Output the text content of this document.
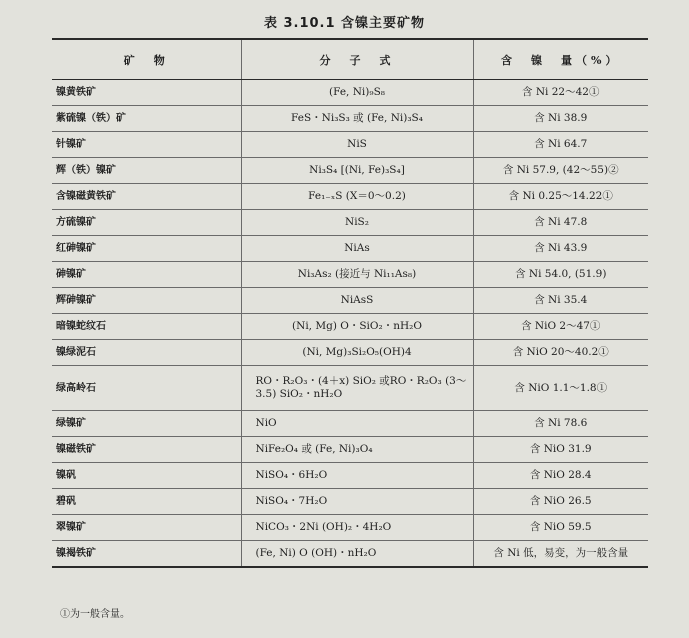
表 3.10.1 含镍主要矿物
矿　物	分　子　式	含　镍　量（%）
镍黄铁矿	(Fe, Ni)₉S₈	含 Ni 22～42①
紫硫镍（铁）矿	FeS・Ni₃S₃ 或 (Fe, Ni)₃S₄	含 Ni 38.9
针镍矿	NiS	含 Ni 64.7
辉（铁）镍矿	Ni₃S₄ [(Ni, Fe)₃S₄]	含 Ni 57.9, (42～55)②
含镍磁黄铁矿	Fe₁₋ₓS (X＝0～0.2)	含 Ni 0.25～14.22①
方硫镍矿	NiS₂	含 Ni 47.8
红砷镍矿	NiAs	含 Ni 43.9
砷镍矿	Ni₃As₂ (接近与 Ni₁₁As₈)	含 Ni 54.0, (51.9)
辉砷镍矿	NiAsS	含 Ni 35.4
暗镍蛇纹石	(Ni, Mg) O・SiO₂・nH₂O	含 NiO 2～47①
镍绿泥石	(Ni, Mg)₃Si₂O₅(OH)4	含 NiO 20～40.2①
绿高岭石	RO・R₂O₃・(4＋x) SiO₂ 或RO・R₂O₃ (3～3.5) SiO₂・nH₂O	含 NiO 1.1～1.8①
绿镍矿	NiO	含 Ni 78.6
镍磁铁矿	NiFe₂O₄ 或 (Fe, Ni)₃O₄	含 NiO 31.9
镍矾	NiSO₄・6H₂O	含 NiO 28.4
碧矾	NiSO₄・7H₂O	含 NiO 26.5
翠镍矿	NiCO₃・2Ni (OH)₂・4H₂O	含 NiO 59.5
镍褐铁矿	(Fe, Ni) O (OH)・nH₂O	含 Ni 低，易变，为一般含量
①为一般含量。
